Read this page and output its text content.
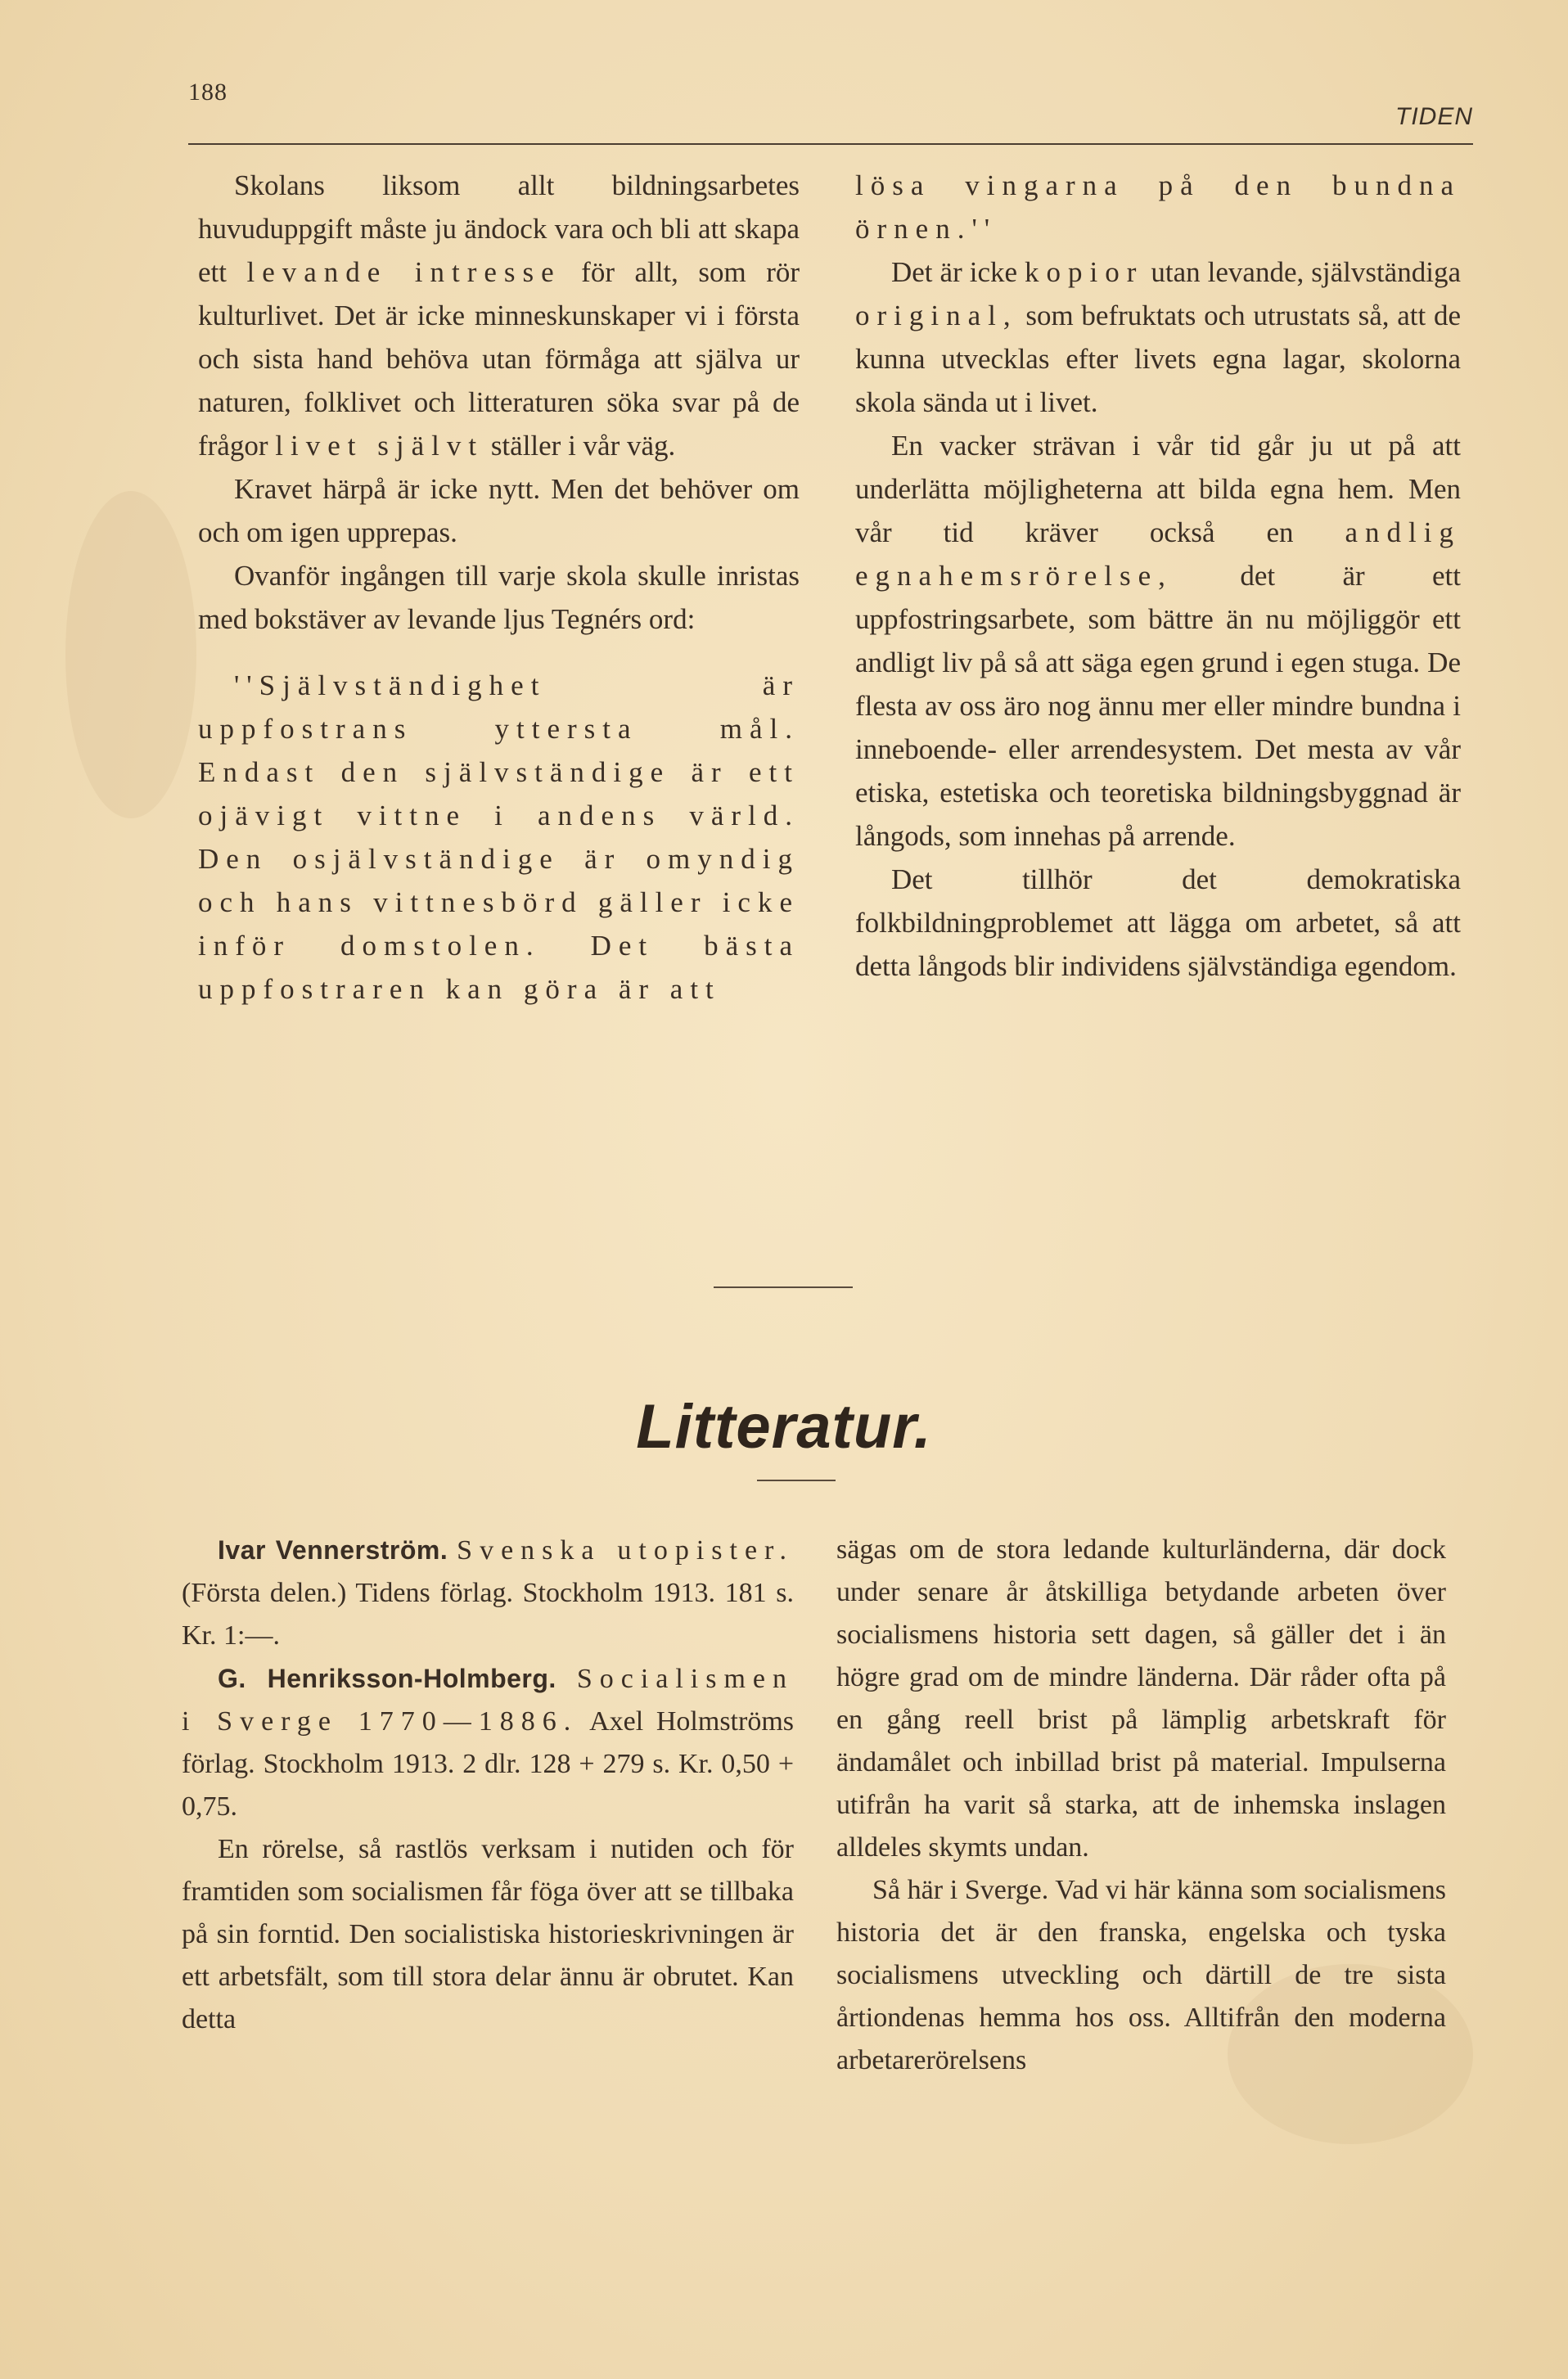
188
TIDEN

Skolans liksom allt bildningsarbetes huvuduppgift måste ju ändock vara och bli att skapa ett levande intresse för allt, som rör kulturlivet. Det är icke minneskunskaper vi i första och sista hand behöva utan förmåga att själva ur naturen, folklivet och litteraturen söka svar på de frågor livet självt ställer i vår väg.

Kravet härpå är icke nytt. Men det behöver om och om igen upprepas.

Ovanför ingången till varje skola skulle inristas med bokstäver av levande ljus Tegnérs ord:

''Självständighet är uppfostrans yttersta mål. Endast den självständige är ett ojävigt vittne i andens värld. Den osjälvständige är omyndig och hans vittnesbörd gäller icke inför domstolen. Det bästa uppfostraren kan göra är att

lösa vingarna på den bundna örnen.''

Det är icke kopior utan levande, självständiga original, som befruktats och utrustats så, att de kunna utvecklas efter livets egna lagar, skolorna skola sända ut i livet.

En vacker strävan i vår tid går ju ut på att underlätta möjligheterna att bilda egna hem. Men vår tid kräver också en andlig egnahemsrörelse, det är ett uppfostringsarbete, som bättre än nu möjliggör ett andligt liv på så att säga egen grund i egen stuga. De flesta av oss äro nog ännu mer eller mindre bundna i inneboende- eller arrendesystem. Det mesta av vår etiska, estetiska och teoretiska bildningsbyggnad är långods, som innehas på arrende.

Det tillhör det demokratiska folkbildningproblemet att lägga om arbetet, så att detta långods blir individens självständiga egendom.

Litteratur.

Ivar Vennerström. Svenska utopister. (Första delen.) Tidens förlag. Stockholm 1913. 181 s. Kr. 1:—.

G. Henriksson-Holmberg. Socialismen i Sverge 1770—1886. Axel Holmströms förlag. Stockholm 1913. 2 dlr. 128 + 279 s. Kr. 0,50 + 0,75.

En rörelse, så rastlös verksam i nutiden och för framtiden som socialismen får föga över att se tillbaka på sin forntid. Den socialistiska historieskrivningen är ett arbetsfält, som till stora delar ännu är obrutet. Kan detta

sägas om de stora ledande kulturländerna, där dock under senare år åtskilliga betydande arbeten över socialismens historia sett dagen, så gäller det i än högre grad om de mindre länderna. Där råder ofta på en gång reell brist på lämplig arbetskraft för ändamålet och inbillad brist på material. Impulserna utifrån ha varit så starka, att de inhemska inslagen alldeles skymts undan.

Så här i Sverge. Vad vi här känna som socialismens historia det är den franska, engelska och tyska socialismens utveckling och därtill de tre sista årtiondenas hemma hos oss. Alltifrån den moderna arbetarerörelsens
